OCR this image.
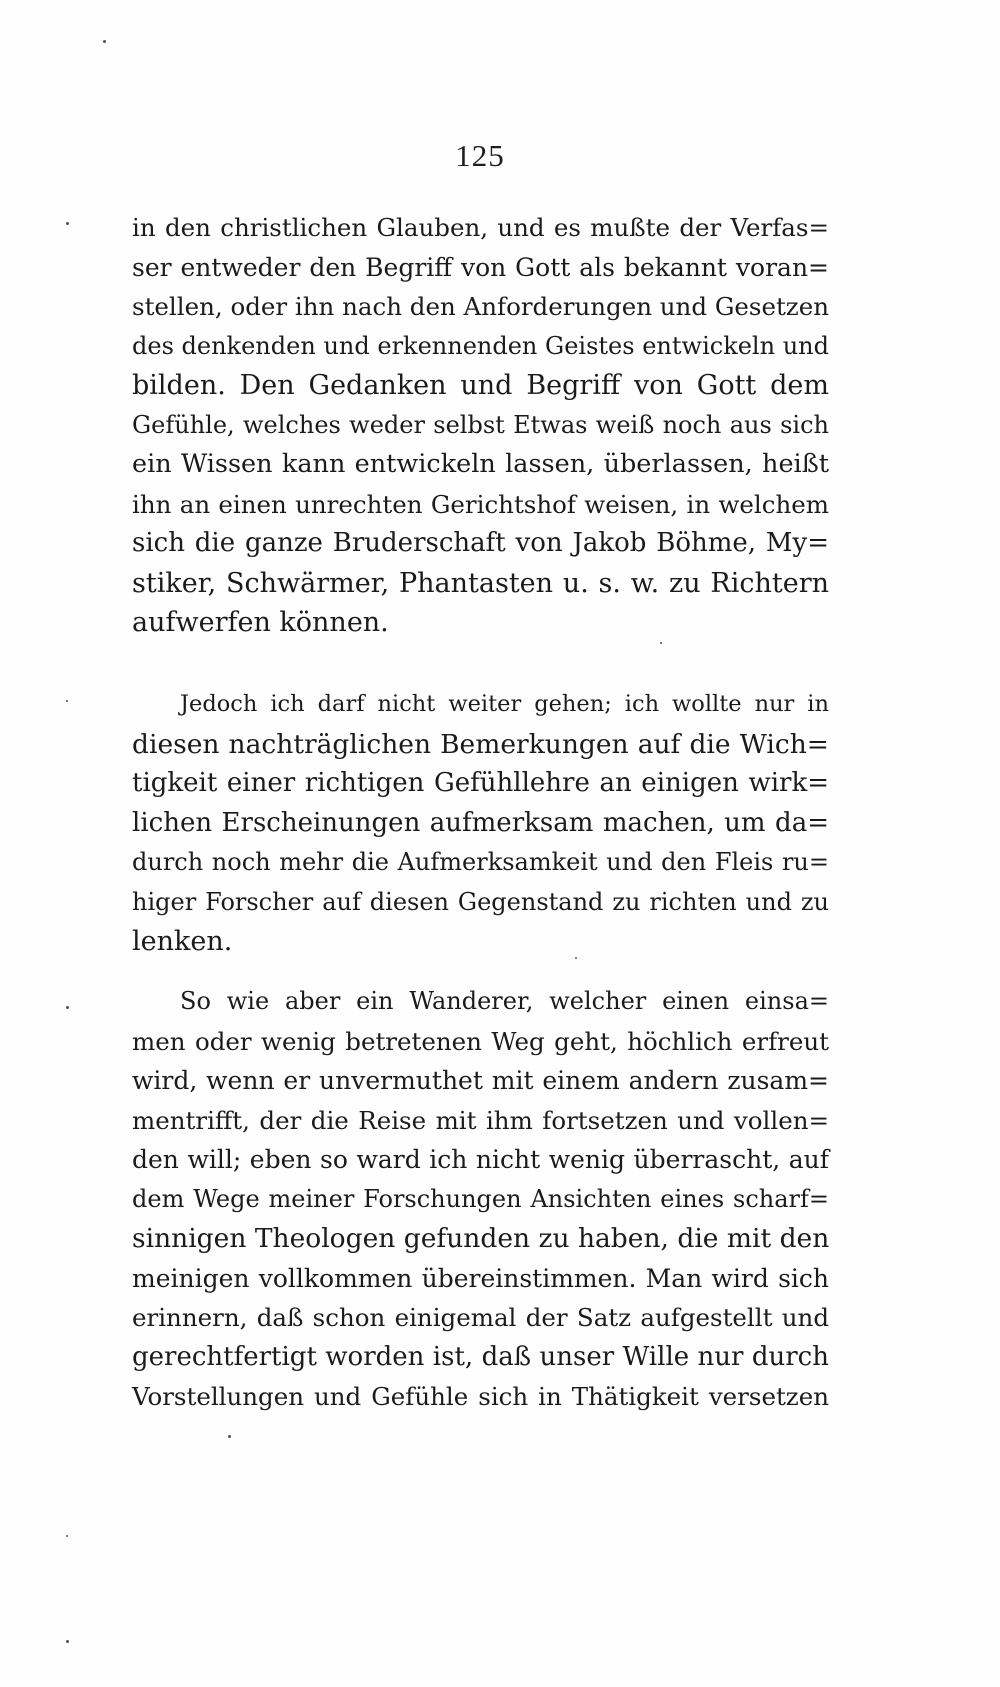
125
in den christlichen Glauben, und es mußte der Verfas=
ser entweder den Begriff von Gott als bekannt voran=
stellen, oder ihn nach den Anforderungen und Gesetzen
des denkenden und erkennenden Geistes entwickeln und
bilden. Den Gedanken und Begriff von Gott dem
Gefühle, welches weder selbst Etwas weiß noch aus sich
ein Wissen kann entwickeln lassen, überlassen, heißt
ihn an einen unrechten Gerichtshof weisen, in welchem
sich die ganze Bruderschaft von Jakob Böhme, My=
stiker, Schwärmer, Phantasten u. s. w. zu Richtern
aufwerfen können.
Jedoch ich darf nicht weiter gehen; ich wollte nur in
diesen nachträglichen Bemerkungen auf die Wich=
tigkeit einer richtigen Gefühllehre an einigen wirk=
lichen Erscheinungen aufmerksam machen, um da=
durch noch mehr die Aufmerksamkeit und den Fleis ru=
higer Forscher auf diesen Gegenstand zu richten und zu
lenken.
So wie aber ein Wanderer, welcher einen einsa=
men oder wenig betretenen Weg geht, höchlich erfreut
wird, wenn er unvermuthet mit einem andern zusam=
mentrifft, der die Reise mit ihm fortsetzen und vollen=
den will; eben so ward ich nicht wenig überrascht, auf
dem Wege meiner Forschungen Ansichten eines scharf=
sinnigen Theologen gefunden zu haben, die mit den
meinigen vollkommen übereinstimmen. Man wird sich
erinnern, daß schon einigemal der Satz aufgestellt und
gerechtfertigt worden ist, daß unser Wille nur durch
Vorstellungen und Gefühle sich in Thätigkeit versetzen
